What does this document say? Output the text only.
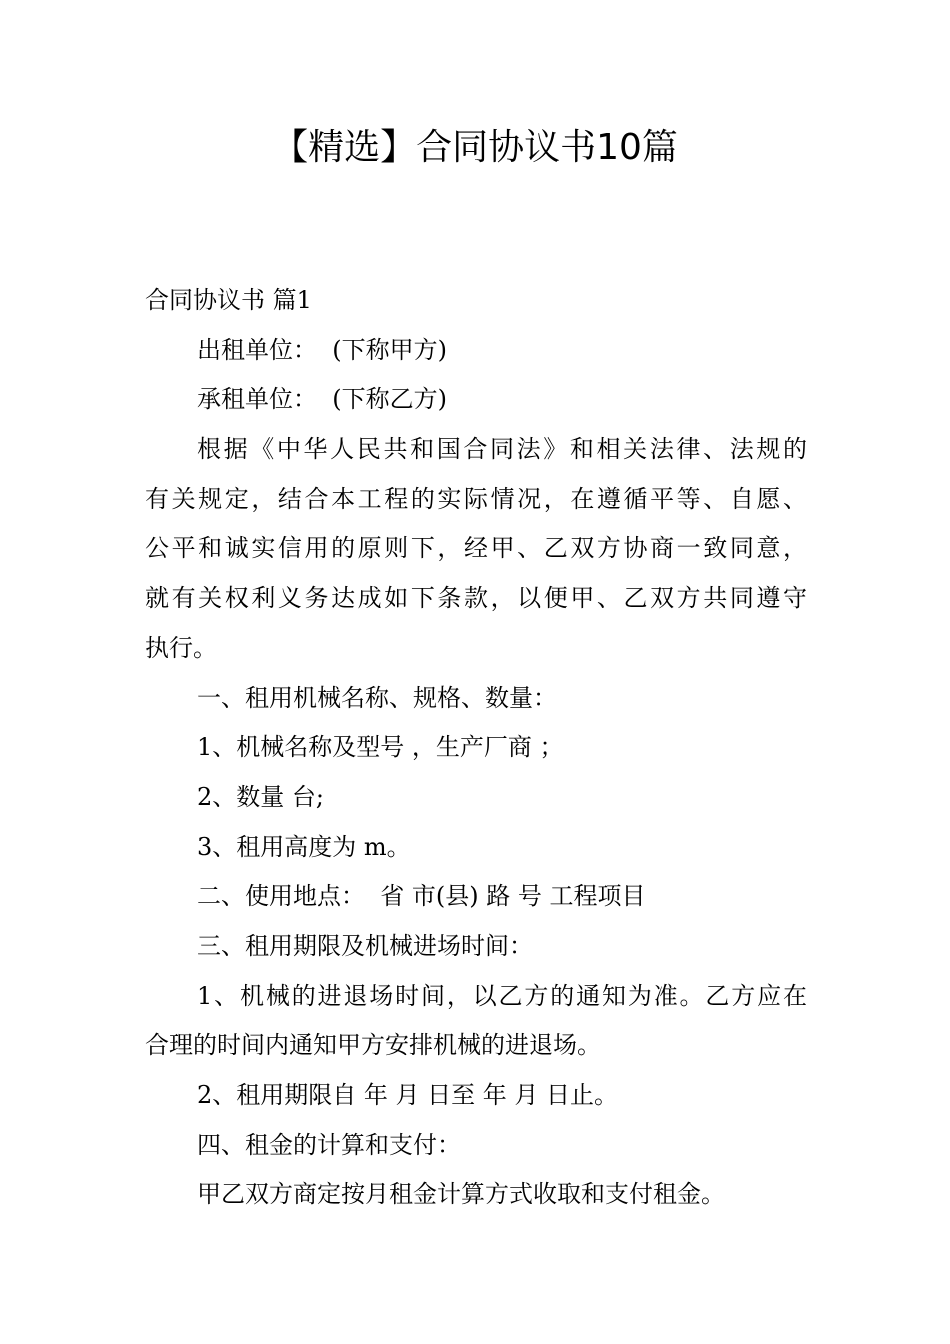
【精选】合同协议书10篇
合同协议书 篇1
出租单位：  (下称甲方)
承租单位：  (下称乙方)
根据《中华人民共和国合同法》和相关法律、法规的
有关规定，结合本工程的实际情况，在遵循平等、自愿、
公平和诚实信用的原则下，经甲、乙双方协商一致同意，
就有关权利义务达成如下条款，以便甲、乙双方共同遵守
执行。
一、租用机械名称、规格、数量：
1、机械名称及型号 ，生产厂商 ；
2、数量 台;
3、租用高度为 m。
二、使用地点：  省 市(县) 路 号 工程项目
三、租用期限及机械进场时间：
1、机械的进退场时间，以乙方的通知为准。乙方应在
合理的时间内通知甲方安排机械的进退场。
2、租用期限自 年 月 日至 年 月 日止。
四、租金的计算和支付：
甲乙双方商定按月租金计算方式收取和支付租金。
